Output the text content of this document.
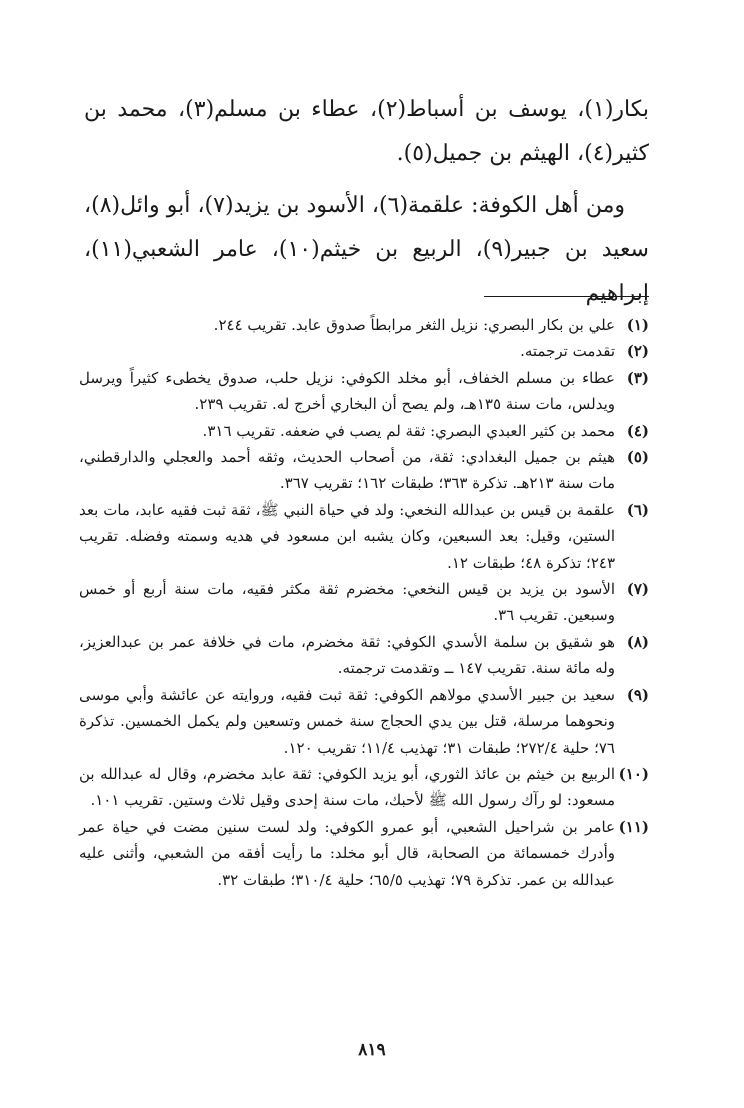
بكار(١)، يوسف بن أسباط(٢)، عطاء بن مسلم(٣)، محمد بن كثير(٤)، الهيثم بن جميل(٥).

ومن أهل الكوفة: علقمة(٦)، الأسود بن يزيد(٧)، أبو وائل(٨)، سعيد بن جبير(٩)، الربيع بن خيثم(١٠)، عامر الشعبي(١١)، إبراهيم

(١)
علي بن بكار البصري: نزيل الثغر مرابطاً صدوق عابد. تقريب ٢٤٤.
(٢)
تقدمت ترجمته.
(٣)
عطاء بن مسلم الخفاف، أبو مخلد الكوفي: نزيل حلب، صدوق يخطىء كثيراً ويرسل ويدلس، مات سنة ١٣٥هـ، ولم يصح أن البخاري أخرج له. تقريب ٢٣٩.
(٤)
محمد بن كثير العبدي البصري: ثقة لم يصب في ضعفه. تقريب ٣١٦.
(٥)
هيثم بن جميل البغدادي: ثقة، من أصحاب الحديث، وثقه أحمد والعجلي والدارقطني، مات سنة ٢١٣هـ. تذكرة ٣٦٣؛ طبقات ١٦٢؛ تقريب ٣٦٧.
(٦)
علقمة بن قيس بن عبدالله النخعي: ولد في حياة النبي ﷺ، ثقة ثبت فقيه عابد، مات بعد الستين، وقيل: بعد السبعين، وكان يشبه ابن مسعود في هديه وسمته وفضله. تقريب ٢٤٣؛ تذكرة ٤٨؛ طبقات ١٢.
(٧)
الأسود بن يزيد بن قيس النخعي: مخضرم ثقة مكثر فقيه، مات سنة أربع أو خمس وسبعين. تقريب ٣٦.
(٨)
هو شقيق بن سلمة الأسدي الكوفي: ثقة مخضرم، مات في خلافة عمر بن عبدالعزيز، وله مائة سنة. تقريب ١٤٧ ــ وتقدمت ترجمته.
(٩)
سعيد بن جبير الأسدي مولاهم الكوفي: ثقة ثبت فقيه، وروايته عن عائشة وأبي موسى ونحوهما مرسلة، قتل بين يدي الحجاج سنة خمس وتسعين ولم يكمل الخمسين. تذكرة ٧٦؛ حلية ٢٧٢/٤؛ طبقات ٣١؛ تهذيب ١١/٤؛ تقريب ١٢٠.
(١٠)
الربيع بن خيثم بن عائذ الثوري، أبو يزيد الكوفي: ثقة عابد مخضرم، وقال له عبدالله بن مسعود: لو رآك رسول الله ﷺ لأحبك، مات سنة إحدى وقيل ثلاث وستين. تقريب ١٠١.
(١١)
عامر بن شراحيل الشعبي، أبو عمرو الكوفي: ولد لست سنين مضت في حياة عمر وأدرك خمسمائة من الصحابة، قال أبو مخلد: ما رأيت أفقه من الشعبي، وأثنى عليه عبدالله بن عمر. تذكرة ٧٩؛ تهذيب ٦٥/٥؛ حلية ٣١٠/٤؛ طبقات ٣٢.
٨١٩
